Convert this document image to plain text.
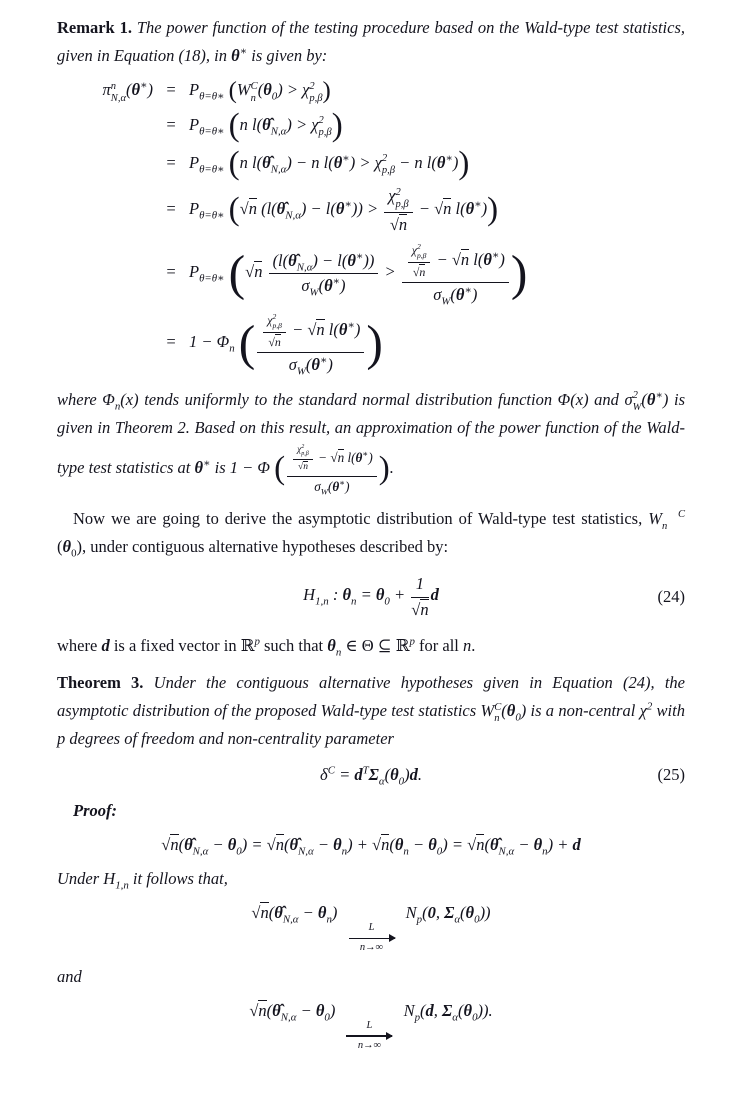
Remark 1. The power function of the testing procedure based on the Wald-type test statistics, given in Equation (18), in θ∗ is given by:

πn
$N,\alpha(\theta^∗) = P_{\theta=\theta∗}$ (WC
n $(\theta_0) > \chi 2$
p,β)
= $P_{\theta=\theta∗}$ (n $l(\thetâ_{N,\alpha}) > \chi 2$
p,β)
= $P_{\theta=\theta∗}$ (n $l(\thetâ_{N,\alpha}) - n$ l(θ∗) > χ2
p,β − n l(θ∗))
= $P_{\theta=\theta∗}$ (√n $(l(\thetâ_{N,\alpha}) - l(\theta^∗))$ >
χ2
p,β
√n
− √n l(θ∗))
= $P_{\theta=\theta∗}$ ($√n \frac{(l(\thetâ_{N,\alpha}) - l(\theta^∗))}{\sigma_W(\theta^∗)}$ >
χ2
p,β
√n
− √n l(θ∗)
$\sigma_W(\theta^∗)$ )
= $1 - \Phi_n$ (	χ2
p,β
√n
− √n l(θ∗)
$\sigma_W(\theta^∗)$ )

where $\Phi_n(x)$ tends uniformly to the standard normal distribution function Φ(x) and σ2
W(θ∗) is given in Theorem 2. Based on this result, an approximation of the power function of the Wald-type test statistics at θ∗ is 1 − Φ (
χ2
p,β
√n
− √n l(θ∗)
$\sigma_W(\theta^∗)$
).

Now we are going to derive the asymptotic distribution of Wald-type test statistics, W C
$n(\theta_0)$, under contiguous alternative hypotheses described by:

$H_{1,n}$ : $\theta_n = \theta_0 + \frac{1}{√n}$ d	(24)

where d is a fixed vector in ℝ$^p$ such that $\theta_n$ ∈ Θ ⊆ ℝ$^p$ for all n.

Theorem 3. Under the contiguous alternative hypotheses given in Equation (24), the asymptotic distribution of the proposed Wald-type test statistics WC
n $(\theta_0)$ is a non-central $\chi^2$ with p degrees of freedom and non-centrality parameter

$\delta^C = d^T\Sigma_\alpha(\theta_0)d$.	(25)

Proof:

$√n(\thetâ_{N,\alpha} - \theta_0)$ = $√n(\thetâ_{N,\alpha} - \theta_n) + √n(\theta_n - \theta_0)$ = $√n(\thetâ_{N,\alpha} - \theta_n) + d$

Under $H_{1,n}$ it follows that,

$√n(\thetâ_{N,\alpha} - \theta_n)$
$\frac{L}{n\to\infty}$
$N_p(0$, $\Sigma_\alpha(\theta_0)$)

and

$√n(\thetâ_{N,\alpha} - \theta_0)$
$\frac{L}{n\to\infty}$
$N_p(d$, $\Sigma_\alpha(\theta_0)$).
